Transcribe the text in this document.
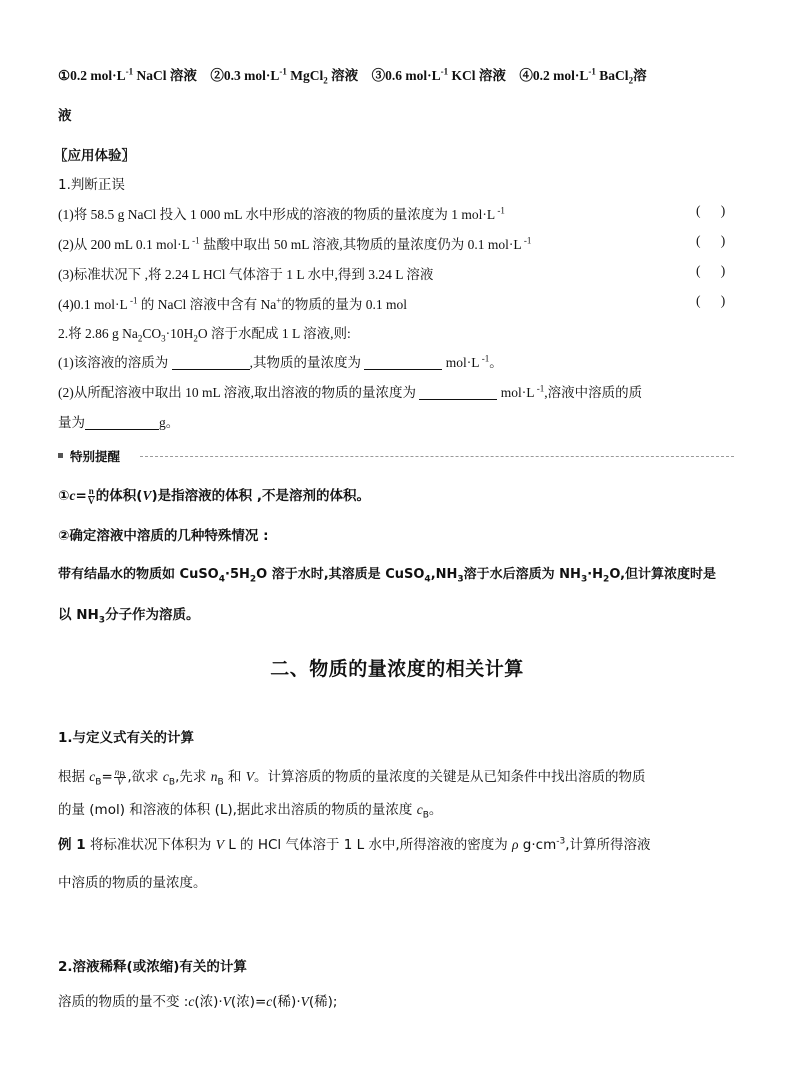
①0.2 $mol\cdot L^{-1}$ NaCl 溶液 ②0.3 $mol\cdot L^{-1}$ MgCl$_2$ 溶液 ③0.6 $mol\cdot L^{-1}$ KCl 溶液 ④0.2 $mol\cdot L^{-1}$ BaCl$_2$溶
液
〖应用体验〗
1.判断正误
(1)将 58.5 g NaCl 投入 1 000 mL 水中形成的溶液的物质的量浓度为 1 mol·L $^{-1}$	(      )
(2)从 200 mL 0.1 mol·L $^{-1}$ 盐酸中取出 50 mL 溶液,其物质的量浓度仍为 0.1 mol·L $^{-1}$	(      )
(3)标准状况下 ,将 2.24 L HCl 气体溶于 1 L 水中,得到 3.24 L 溶液	(      )
(4)0.1 mol·L $^{-1}$ 的 NaCl 溶液中含有 Na+的物质的量为 0.1 mol	(      )
2.将 2.86 g $Na_2CO_3\cdot 10H_2O$ 溶于水配成 1 L 溶液,则:
(1)该溶液的溶质为	,其物质的量浓度为	mol·L $^{-1}$。
(2)从所配溶液中取出 10 mL 溶液,取出溶液的物质的量浓度为	mol·L $^{-1}$,溶液中溶质的质
量为	g。
特别提醒
①c= $\frac{n}{V}$ 的体积(V)是指溶液的体积 ,不是溶剂的体积。
②确定溶液中溶质的几种特殊情况 :
带有结晶水的物质如 $CuSO_4\cdot 5H_2O$ 溶于水时,其溶质是 $CuSO_4,NH_3$溶于水后溶质为 $NH_3\cdot H_2O$,但计算浓度时是
以 $NH_3$分子作为溶质。
二、物质的量浓度的相关计算
1.与定义式有关的计算
根据 $c_B= \frac{n_B}{V}$,欲求 $c_B$,先求 $n_B$ 和 V。计算溶质的物质的量浓度的关键是从已知条件中找出溶质的物质
的量 (mol) 和溶液的体积 (L),据此求出溶质的物质的量浓度 $c_B$。
例 1 将标准状况下体积为 V L 的 HCl 气体溶于 1 L 水中,所得溶液的密度为 ρ $g\cdot cm^{-3}$,计算所得溶液
中溶质的物质的量浓度。
2.溶液稀释(或浓缩)有关的计算
溶质的物质的量不变 :c(浓)·V(浓)=c(稀)·V(稀);
